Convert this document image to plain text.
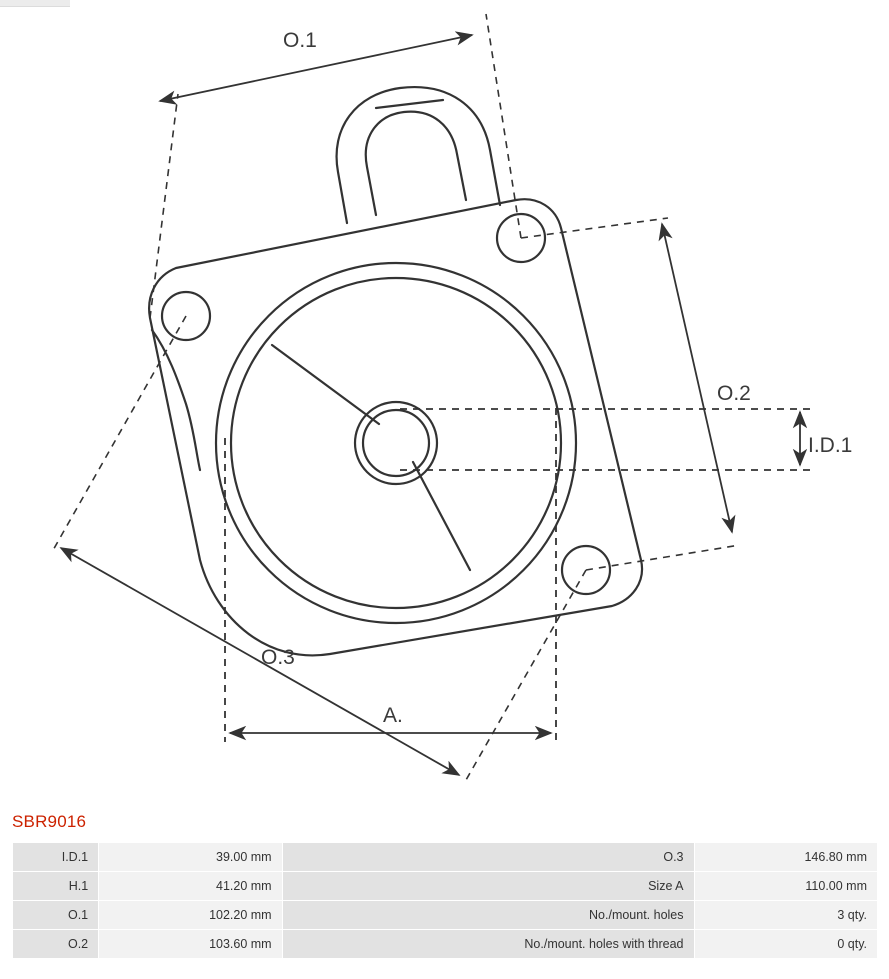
O.1
O.2
I.D.1
O.3
A.
SBR9016
I.D.1	39.00 mm	O.3	146.80 mm
H.1	41.20 mm	Size A	110.00 mm
O.1	102.20 mm	No./mount. holes	3 qty.
O.2	103.60 mm	No./mount. holes with thread	0 qty.
